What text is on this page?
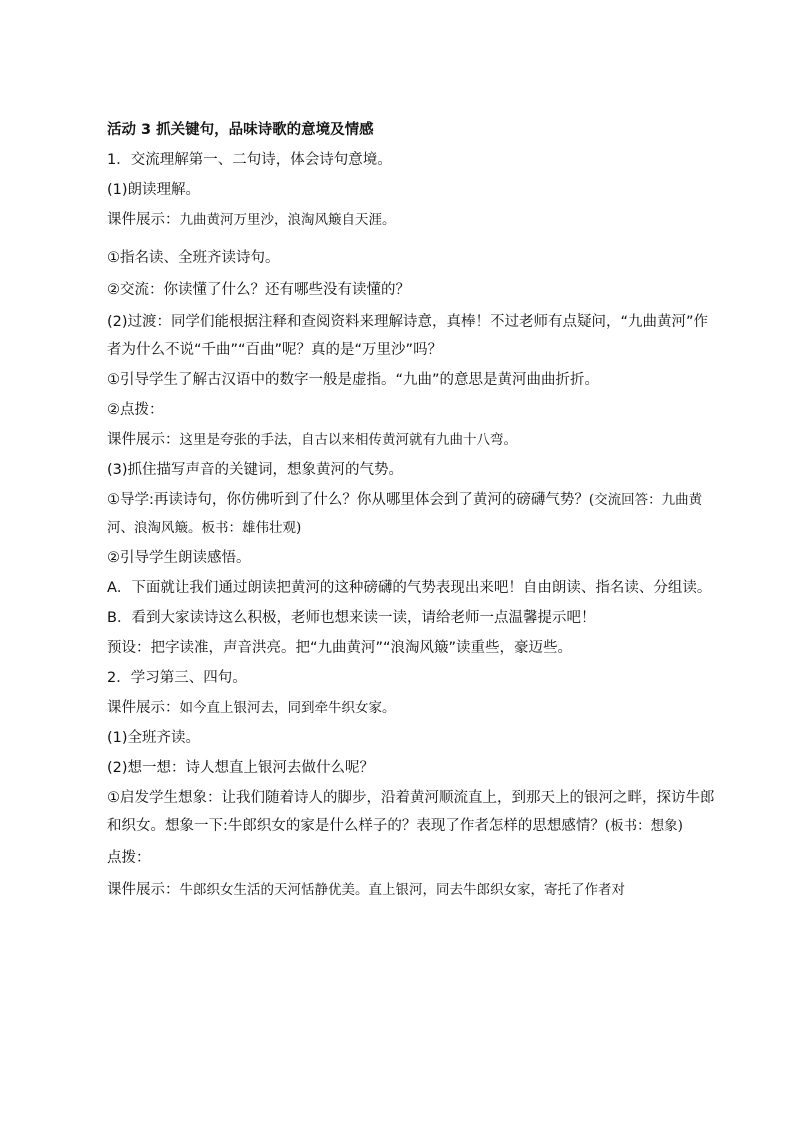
活动 3 抓关键句，品味诗歌的意境及情感

1．交流理解第一、二句诗，体会诗句意境。

(1)朗读理解。

课件展示：九曲黄河万里沙，浪淘风簸自天涯。

①指名读、全班齐读诗句。

②交流：你读懂了什么？还有哪些没有读懂的？

(2)过渡：同学们能根据注释和查阅资料来理解诗意，真棒！不过老师有点疑问，“九曲黄河”作者为什么不说“千曲”“百曲”呢？真的是“万里沙”吗？

①引导学生了解古汉语中的数字一般是虚指。“九曲”的意思是黄河曲曲折折。

②点拨：

课件展示：这里是夸张的手法，自古以来相传黄河就有九曲十八弯。

(3)抓住描写声音的关键词，想象黄河的气势。

①导学:再读诗句，你仿佛听到了什么？你从哪里体会到了黄河的磅礴气势？(交流回答：九曲黄河、浪淘风簸。板书：雄伟壮观)

②引导学生朗读感悟。

A．下面就让我们通过朗读把黄河的这种磅礴的气势表现出来吧！自由朗读、指名读、分组读。

B．看到大家读诗这么积极，老师也想来读一读，请给老师一点温馨提示吧！

预设：把字读准，声音洪亮。把“九曲黄河”“浪淘风簸”读重些，豪迈些。

2．学习第三、四句。

课件展示：如今直上银河去，同到牵牛织女家。

(1)全班齐读。

(2)想一想：诗人想直上银河去做什么呢？

①启发学生想象：让我们随着诗人的脚步，沿着黄河顺流直上，到那天上的银河之畔，探访牛郎和织女。想象一下:牛郎织女的家是什么样子的？表现了作者怎样的思想感情？(板书：想象)

点拨：

课件展示：牛郎织女生活的天河恬静优美。直上银河，同去牛郎织女家，寄托了作者对
